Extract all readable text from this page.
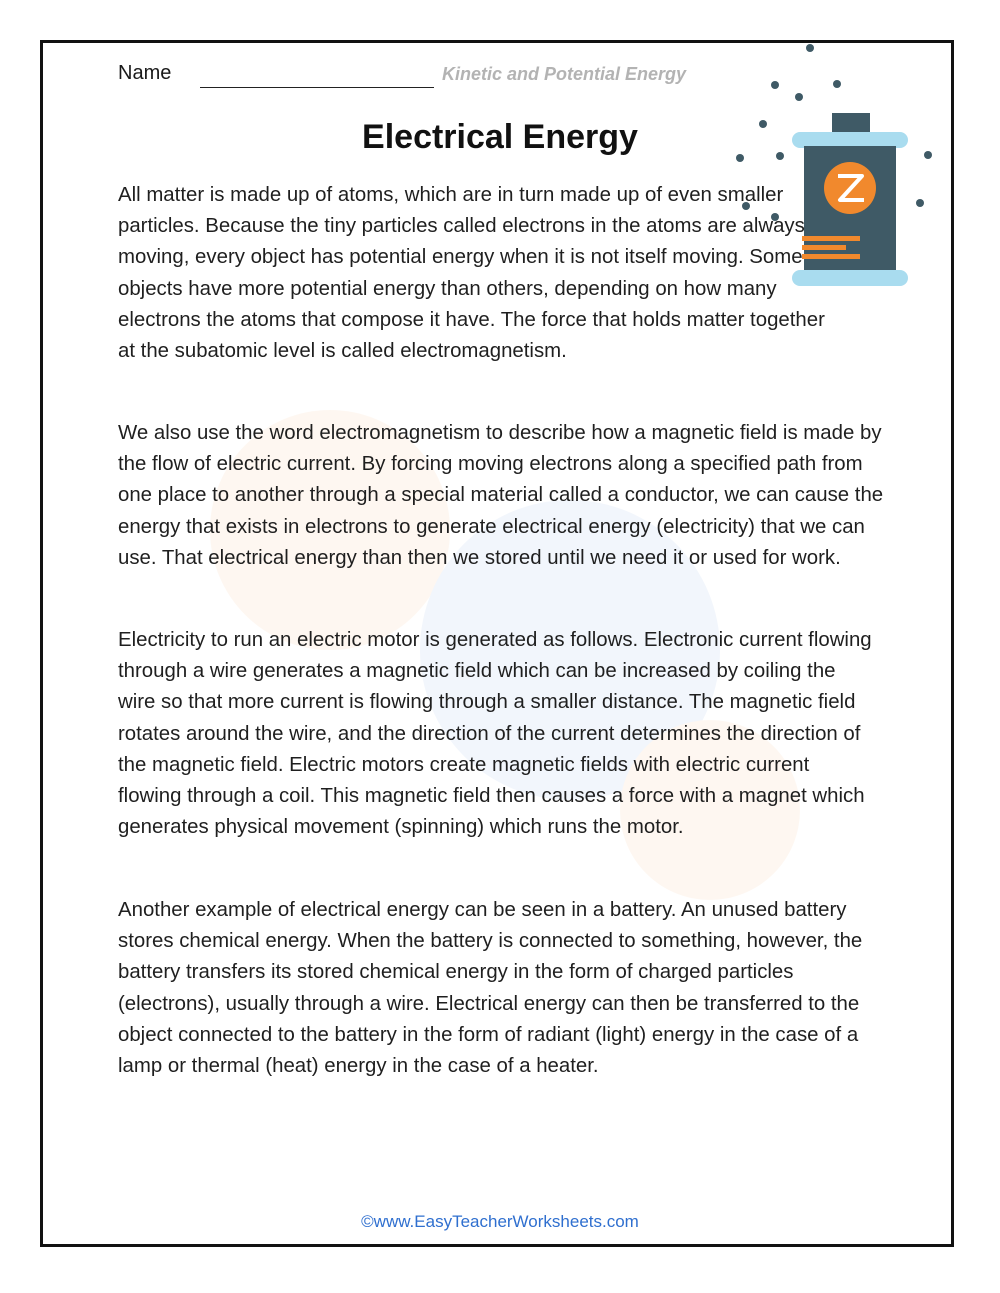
Name	Kinetic and Potential Energy
Electrical Energy

All matter is made up of atoms, which are in turn made up of even smaller particles. Because the tiny particles called electrons in the atoms are always moving, every object has potential energy when it is not itself moving. Some objects have more potential energy than others, depending on how many electrons the atoms that compose it have. The force that holds matter together at the subatomic level is called electromagnetism.

We also use the word electromagnetism to describe how a magnetic field is made by the flow of electric current. By forcing moving electrons along a specified path from one place to another through a special material called a conductor, we can cause the energy that exists in electrons to generate electrical energy (electricity) that we can use. That electrical energy than then we stored until we need it or used for work.

Electricity to run an electric motor is generated as follows. Electronic current flowing through a wire generates a magnetic field which can be increased by coiling the wire so that more current is flowing through a smaller distance. The magnetic field rotates around the wire, and the direction of the current determines the direction of the magnetic field. Electric motors create magnetic fields with electric current flowing through a coil. This magnetic field then causes a force with a magnet which generates physical movement (spinning) which runs the motor.

Another example of electrical energy can be seen in a battery. An unused battery stores chemical energy. When the battery is connected to something, however, the battery transfers its stored chemical energy in the form of charged particles (electrons), usually through a wire. Electrical energy can then be transferred to the object connected to the battery in the form of radiant (light) energy in the case of a lamp or thermal (heat) energy in the case of a heater.

©www.EasyTeacherWorksheets.com
